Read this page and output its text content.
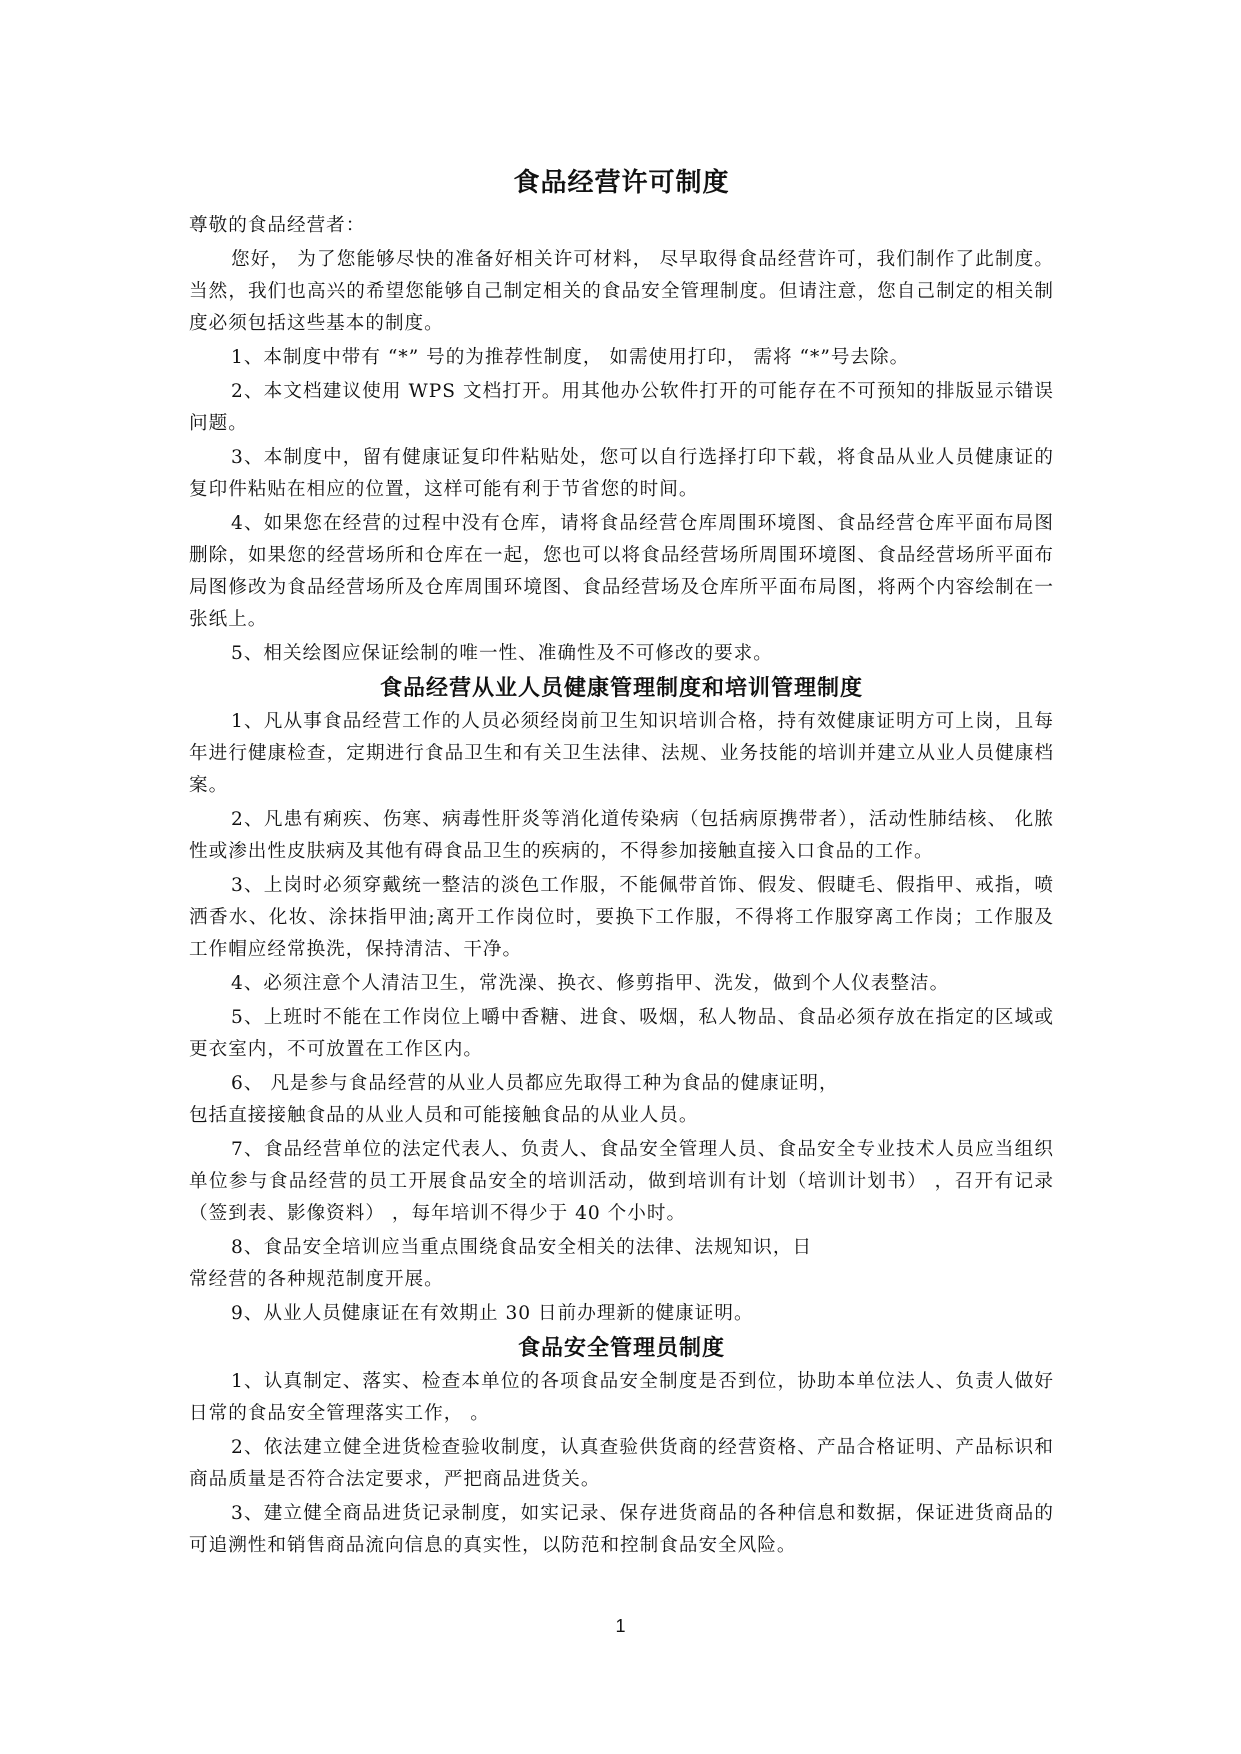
食品经营许可制度

尊敬的食品经营者：

您好， 为了您能够尽快的准备好相关许可材料， 尽早取得食品经营许可，我们制作了此制度。当然，我们也高兴的希望您能够自己制定相关的食品安全管理制度。但请注意，您自己制定的相关制度必须包括这些基本的制度。

1、本制度中带有 “*” 号的为推荐性制度， 如需使用打印， 需将 “*”号去除。

2、本文档建议使用 WPS 文档打开。用其他办公软件打开的可能存在不可预知的排版显示错误问题。

3、本制度中，留有健康证复印件粘贴处，您可以自行选择打印下载，将食品从业人员健康证的复印件粘贴在相应的位置，这样可能有利于节省您的时间。

4、如果您在经营的过程中没有仓库，请将食品经营仓库周围环境图、食品经营仓库平面布局图删除，如果您的经营场所和仓库在一起，您也可以将食品经营场所周围环境图、食品经营场所平面布局图修改为食品经营场所及仓库周围环境图、食品经营场及仓库所平面布局图，将两个内容绘制在一张纸上。

5、相关绘图应保证绘制的唯一性、准确性及不可修改的要求。

食品经营从业人员健康管理制度和培训管理制度

1、凡从事食品经营工作的人员必须经岗前卫生知识培训合格，持有效健康证明方可上岗，且每年进行健康检查，定期进行食品卫生和有关卫生法律、法规、业务技能的培训并建立从业人员健康档案。

2、凡患有痢疾、伤寒、病毒性肝炎等消化道传染病（包括病原携带者），活动性肺结核、 化脓性或渗出性皮肤病及其他有碍食品卫生的疾病的，不得参加接触直接入口食品的工作。

3、上岗时必须穿戴统一整洁的淡色工作服，不能佩带首饰、假发、假睫毛、假指甲、戒指，喷洒香水、化妆、涂抹指甲油;离开工作岗位时，要换下工作服，不得将工作服穿离工作岗；工作服及工作帽应经常换洗，保持清洁、干净。

4、必须注意个人清洁卫生，常洗澡、换衣、修剪指甲、洗发，做到个人仪表整洁。

5、上班时不能在工作岗位上嚼中香糖、进食、吸烟，私人物品、食品必须存放在指定的区域或更衣室内，不可放置在工作区内。

6、 凡是参与食品经营的从业人员都应先取得工种为食品的健康证明，

包括直接接触食品的从业人员和可能接触食品的从业人员。

7、食品经营单位的法定代表人、负责人、食品安全管理人员、食品安全专业技术人员应当组织单位参与食品经营的员工开展食品安全的培训活动，做到培训有计划（培训计划书） ，召开有记录（签到表、影像资料） ，每年培训不得少于 40 个小时。

8、食品安全培训应当重点围绕食品安全相关的法律、法规知识，日

常经营的各种规范制度开展。

9、从业人员健康证在有效期止 30 日前办理新的健康证明。

食品安全管理员制度

1、认真制定、落实、检查本单位的各项食品安全制度是否到位，协助本单位法人、负责人做好日常的食品安全管理落实工作， 。

2、依法建立健全进货检查验收制度，认真查验供货商的经营资格、产品合格证明、产品标识和商品质量是否符合法定要求，严把商品进货关。

3、建立健全商品进货记录制度，如实记录、保存进货商品的各种信息和数据，保证进货商品的可追溯性和销售商品流向信息的真实性，以防范和控制食品安全风险。

1
